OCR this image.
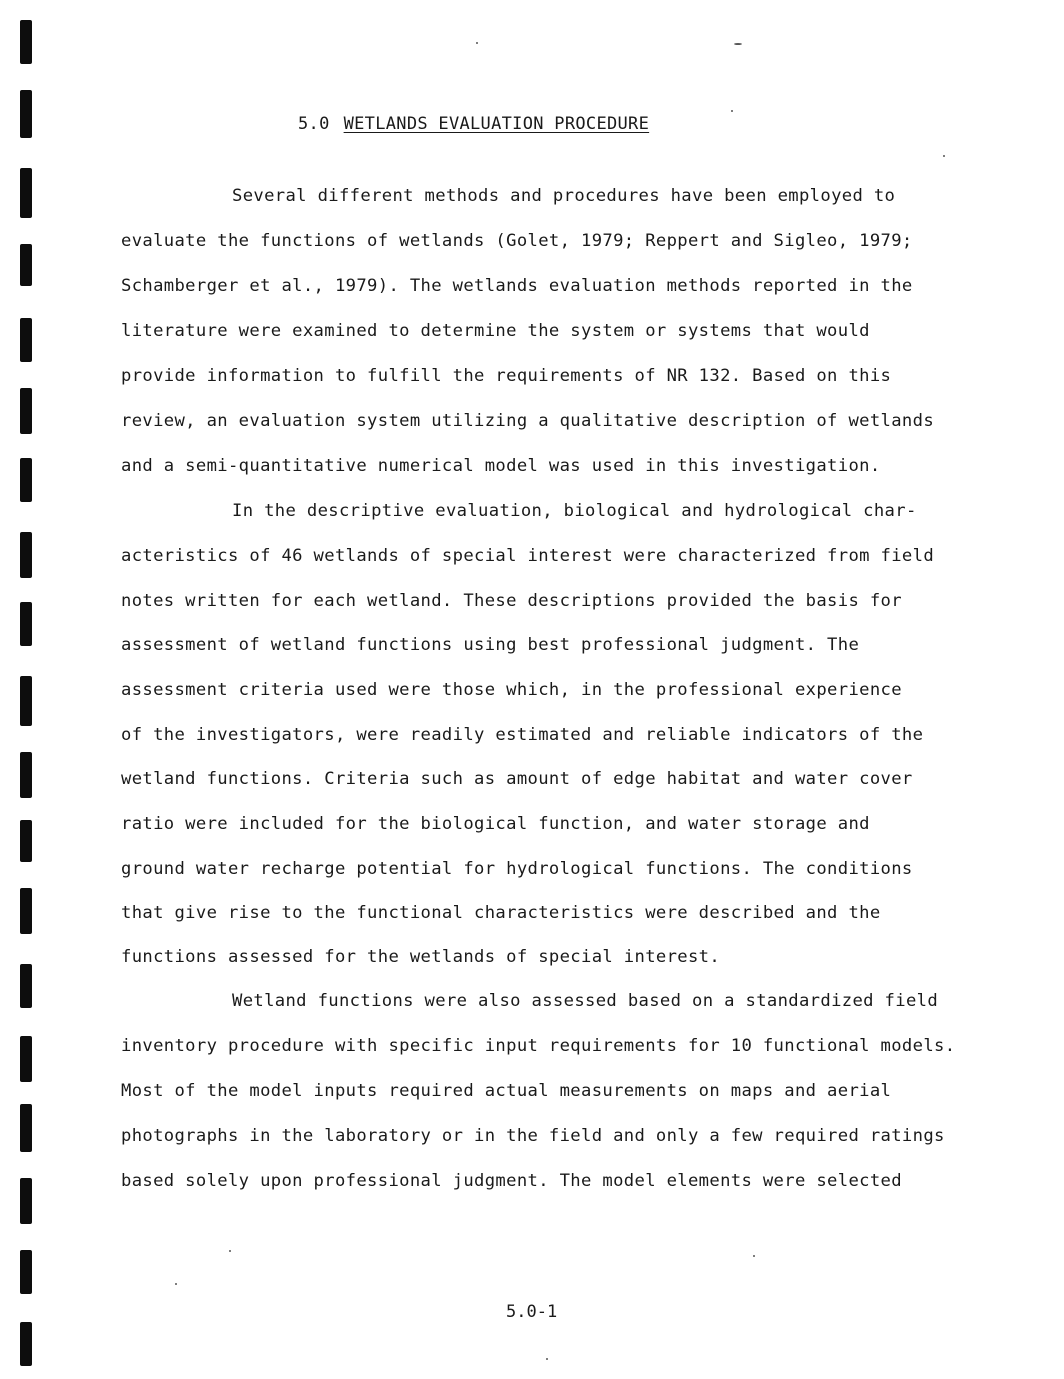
5.0 WETLANDS EVALUATION PROCEDURE
Several different methods and procedures have been employed to
evaluate the functions of wetlands (Golet, 1979; Reppert and Sigleo, 1979;
Schamberger et al., 1979). The wetlands evaluation methods reported in the
literature were examined to determine the system or systems that would
provide information to fulfill the requirements of NR 132. Based on this
review, an evaluation system utilizing a qualitative description of wetlands
and a semi-quantitative numerical model was used in this investigation.
In the descriptive evaluation, biological and hydrological char-
acteristics of 46 wetlands of special interest were characterized from field
notes written for each wetland. These descriptions provided the basis for
assessment of wetland functions using best professional judgment. The
assessment criteria used were those which, in the professional experience
of the investigators, were readily estimated and reliable indicators of the
wetland functions. Criteria such as amount of edge habitat and water cover
ratio were included for the biological function, and water storage and
ground water recharge potential for hydrological functions. The conditions
that give rise to the functional characteristics were described and the
functions assessed for the wetlands of special interest.
Wetland functions were also assessed based on a standardized field
inventory procedure with specific input requirements for 10 functional models.
Most of the model inputs required actual measurements on maps and aerial
photographs in the laboratory or in the field and only a few required ratings
based solely upon professional judgment. The model elements were selected
5.0-1
